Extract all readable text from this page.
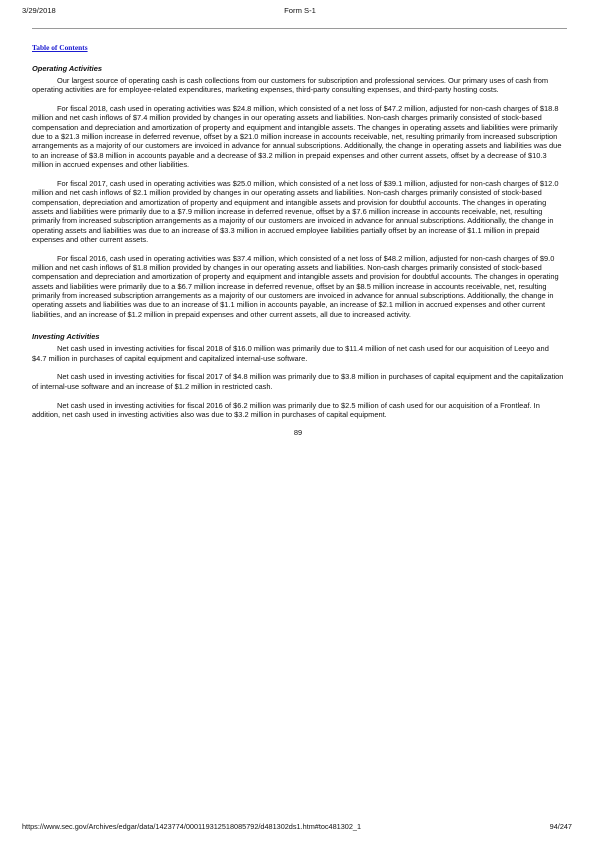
3/29/2018	Form S-1
Table of Contents
Operating Activities

Our largest source of operating cash is cash collections from our customers for subscription and professional services. Our primary uses of cash from operating activities are for employee-related expenditures, marketing expenses, third-party consulting expenses, and third-party hosting costs.

For fiscal 2018, cash used in operating activities was $24.8 million, which consisted of a net loss of $47.2 million, adjusted for non-cash charges of $18.8 million and net cash inflows of $7.4 million provided by changes in our operating assets and liabilities. Non-cash charges primarily consisted of stock-based compensation and depreciation and amortization of property and equipment and intangible assets. The changes in operating assets and liabilities were primarily due to a $21.3 million increase in deferred revenue, offset by a $21.0 million increase in accounts receivable, net, resulting primarily from increased subscription arrangements as a majority of our customers are invoiced in advance for annual subscriptions. Additionally, the change in operating assets and liabilities was due to an increase of $3.8 million in accounts payable and a decrease of $3.2 million in prepaid expenses and other current assets, offset by a decrease of $10.3 million in accrued expenses and other liabilities.

For fiscal 2017, cash used in operating activities was $25.0 million, which consisted of a net loss of $39.1 million, adjusted for non-cash charges of $12.0 million and net cash inflows of $2.1 million provided by changes in our operating assets and liabilities. Non-cash charges primarily consisted of stock-based compensation, depreciation and amortization of property and equipment and intangible assets and provision for doubtful accounts. The changes in operating assets and liabilities were primarily due to a $7.9 million increase in deferred revenue, offset by a $7.6 million increase in accounts receivable, net, resulting primarily from increased subscription arrangements as a majority of our customers are invoiced in advance for annual subscriptions. Additionally, the change in operating assets and liabilities was due to an increase of $3.3 million in accrued employee liabilities partially offset by an increase of $1.1 million in prepaid expenses and other current assets.

For fiscal 2016, cash used in operating activities was $37.4 million, which consisted of a net loss of $48.2 million, adjusted for non-cash charges of $9.0 million and net cash inflows of $1.8 million provided by changes in our operating assets and liabilities. Non-cash charges primarily consisted of stock-based compensation and depreciation and amortization of property and equipment and intangible assets and provision for doubtful accounts. The changes in operating assets and liabilities were primarily due to a $6.7 million increase in deferred revenue, offset by an $8.5 million increase in accounts receivable, net, resulting primarily from increased subscription arrangements as a majority of our customers are invoiced in advance for annual subscriptions. Additionally, the change in operating assets and liabilities was due to an increase of $1.1 million in accounts payable, an increase of $2.1 million in accrued expenses and other current liabilities, and an increase of $1.2 million in prepaid expenses and other current assets, all due to increased activity.

Investing Activities

Net cash used in investing activities for fiscal 2018 of $16.0 million was primarily due to $11.4 million of net cash used for our acquisition of Leeyo and $4.7 million in purchases of capital equipment and capitalized internal-use software.

Net cash used in investing activities for fiscal 2017 of $4.8 million was primarily due to $3.8 million in purchases of capital equipment and the capitalization of internal-use software and an increase of $1.2 million in restricted cash.

Net cash used in investing activities for fiscal 2016 of $6.2 million was primarily due to $2.5 million of cash used for our acquisition of a Frontleaf. In addition, net cash used in investing activities also was due to $3.2 million in purchases of capital equipment.

89
https://www.sec.gov/Archives/edgar/data/1423774/000119312518085792/d481302ds1.htm#toc481302_1	94/247
